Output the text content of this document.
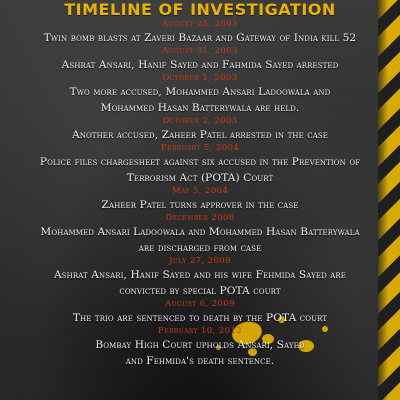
TIMELINE OF INVESTIGATION
August 25, 2003
Twin bomb blasts at Zaveri Bazaar and Gateway of India kill 52
August 31, 2003
Ashrat Ansari, Hanif Sayed and Fahmida Sayed arrested
October 1, 2003
Two more accused, Mohammed Ansari Ladoowala and
Mohammed Hasan Batterywala are held.
October 2, 2003
Another accused, Zaheer Patel arrested in the case
February 5, 2004
Police files chargesheet against six accused in the Prevention of
Terrorism Act (POTA) Court
May 5, 2004
Zaheer Patel turns approver in the case
December 2008
Mohammed Ansari Ladoowala and Mohammed Hasan Batterywala
are discharged from case
July 27, 2009
Ashrat Ansari, Hanif Sayed and his wife Fehmida Sayed are
convicted by special POTA court
August 6, 2009
The trio are sentenced to death by the POTA court
February 10, 2012
Bombay High Court upholds Ansari, Sayed
and Fehmida's death sentence.
